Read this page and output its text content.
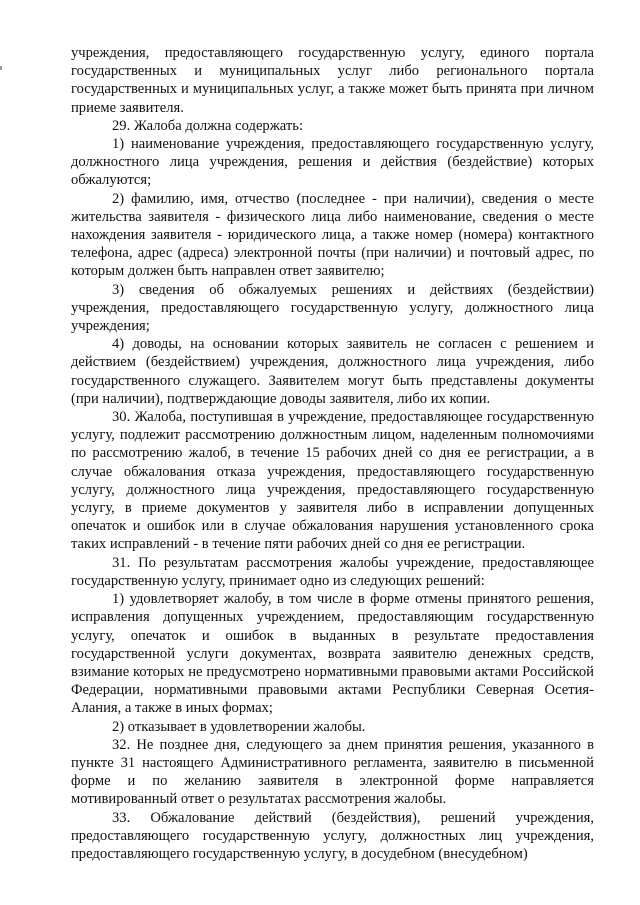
учреждения, предоставляющего государственную услугу, единого портала государственных и муниципальных услуг либо регионального портала государственных и муниципальных услуг, а также может быть принята при личном приеме заявителя.

29. Жалоба должна содержать:

1) наименование учреждения, предоставляющего государственную услугу, должностного лица учреждения, решения и действия (бездействие) которых обжалуются;

2) фамилию, имя, отчество (последнее - при наличии), сведения о месте жительства заявителя - физического лица либо наименование, сведения о месте нахождения заявителя - юридического лица, а также номер (номера) контактного телефона, адрес (адреса) электронной почты (при наличии) и почтовый адрес, по которым должен быть направлен ответ заявителю;

3) сведения об обжалуемых решениях и действиях (бездействии) учреждения, предоставляющего государственную услугу, должностного лица учреждения;

4) доводы, на основании которых заявитель не согласен с решением и действием (бездействием) учреждения, должностного лица учреждения, либо государственного служащего. Заявителем могут быть представлены документы (при наличии), подтверждающие доводы заявителя, либо их копии.

30. Жалоба, поступившая в учреждение, предоставляющее государственную услугу, подлежит рассмотрению должностным лицом, наделенным полномочиями по рассмотрению жалоб, в течение 15 рабочих дней со дня ее регистрации, а в случае обжалования отказа учреждения, предоставляющего государственную услугу, должностного лица учреждения, предоставляющего государственную услугу, в приеме документов у заявителя либо в исправлении допущенных опечаток и ошибок или в случае обжалования нарушения установленного срока таких исправлений - в течение пяти рабочих дней со дня ее регистрации.

31. По результатам рассмотрения жалобы учреждение, предоставляющее государственную услугу, принимает одно из следующих решений:

1) удовлетворяет жалобу, в том числе в форме отмены принятого решения, исправления допущенных учреждением, предоставляющим государственную услугу, опечаток и ошибок в выданных в результате предоставления государственной услуги документах, возврата заявителю денежных средств, взимание которых не предусмотрено нормативными правовыми актами Российской Федерации, нормативными правовыми актами Республики Северная Осетия-Алания, а также в иных формах;

2) отказывает в удовлетворении жалобы.

32. Не позднее дня, следующего за днем принятия решения, указанного в пункте 31 настоящего Административного регламента, заявителю в письменной форме и по желанию заявителя в электронной форме направляется мотивированный ответ о результатах рассмотрения жалобы.

33. Обжалование действий (бездействия), решений учреждения, предоставляющего государственную услугу, должностных лиц учреждения, предоставляющего государственную услугу, в досудебном (внесудебном)
